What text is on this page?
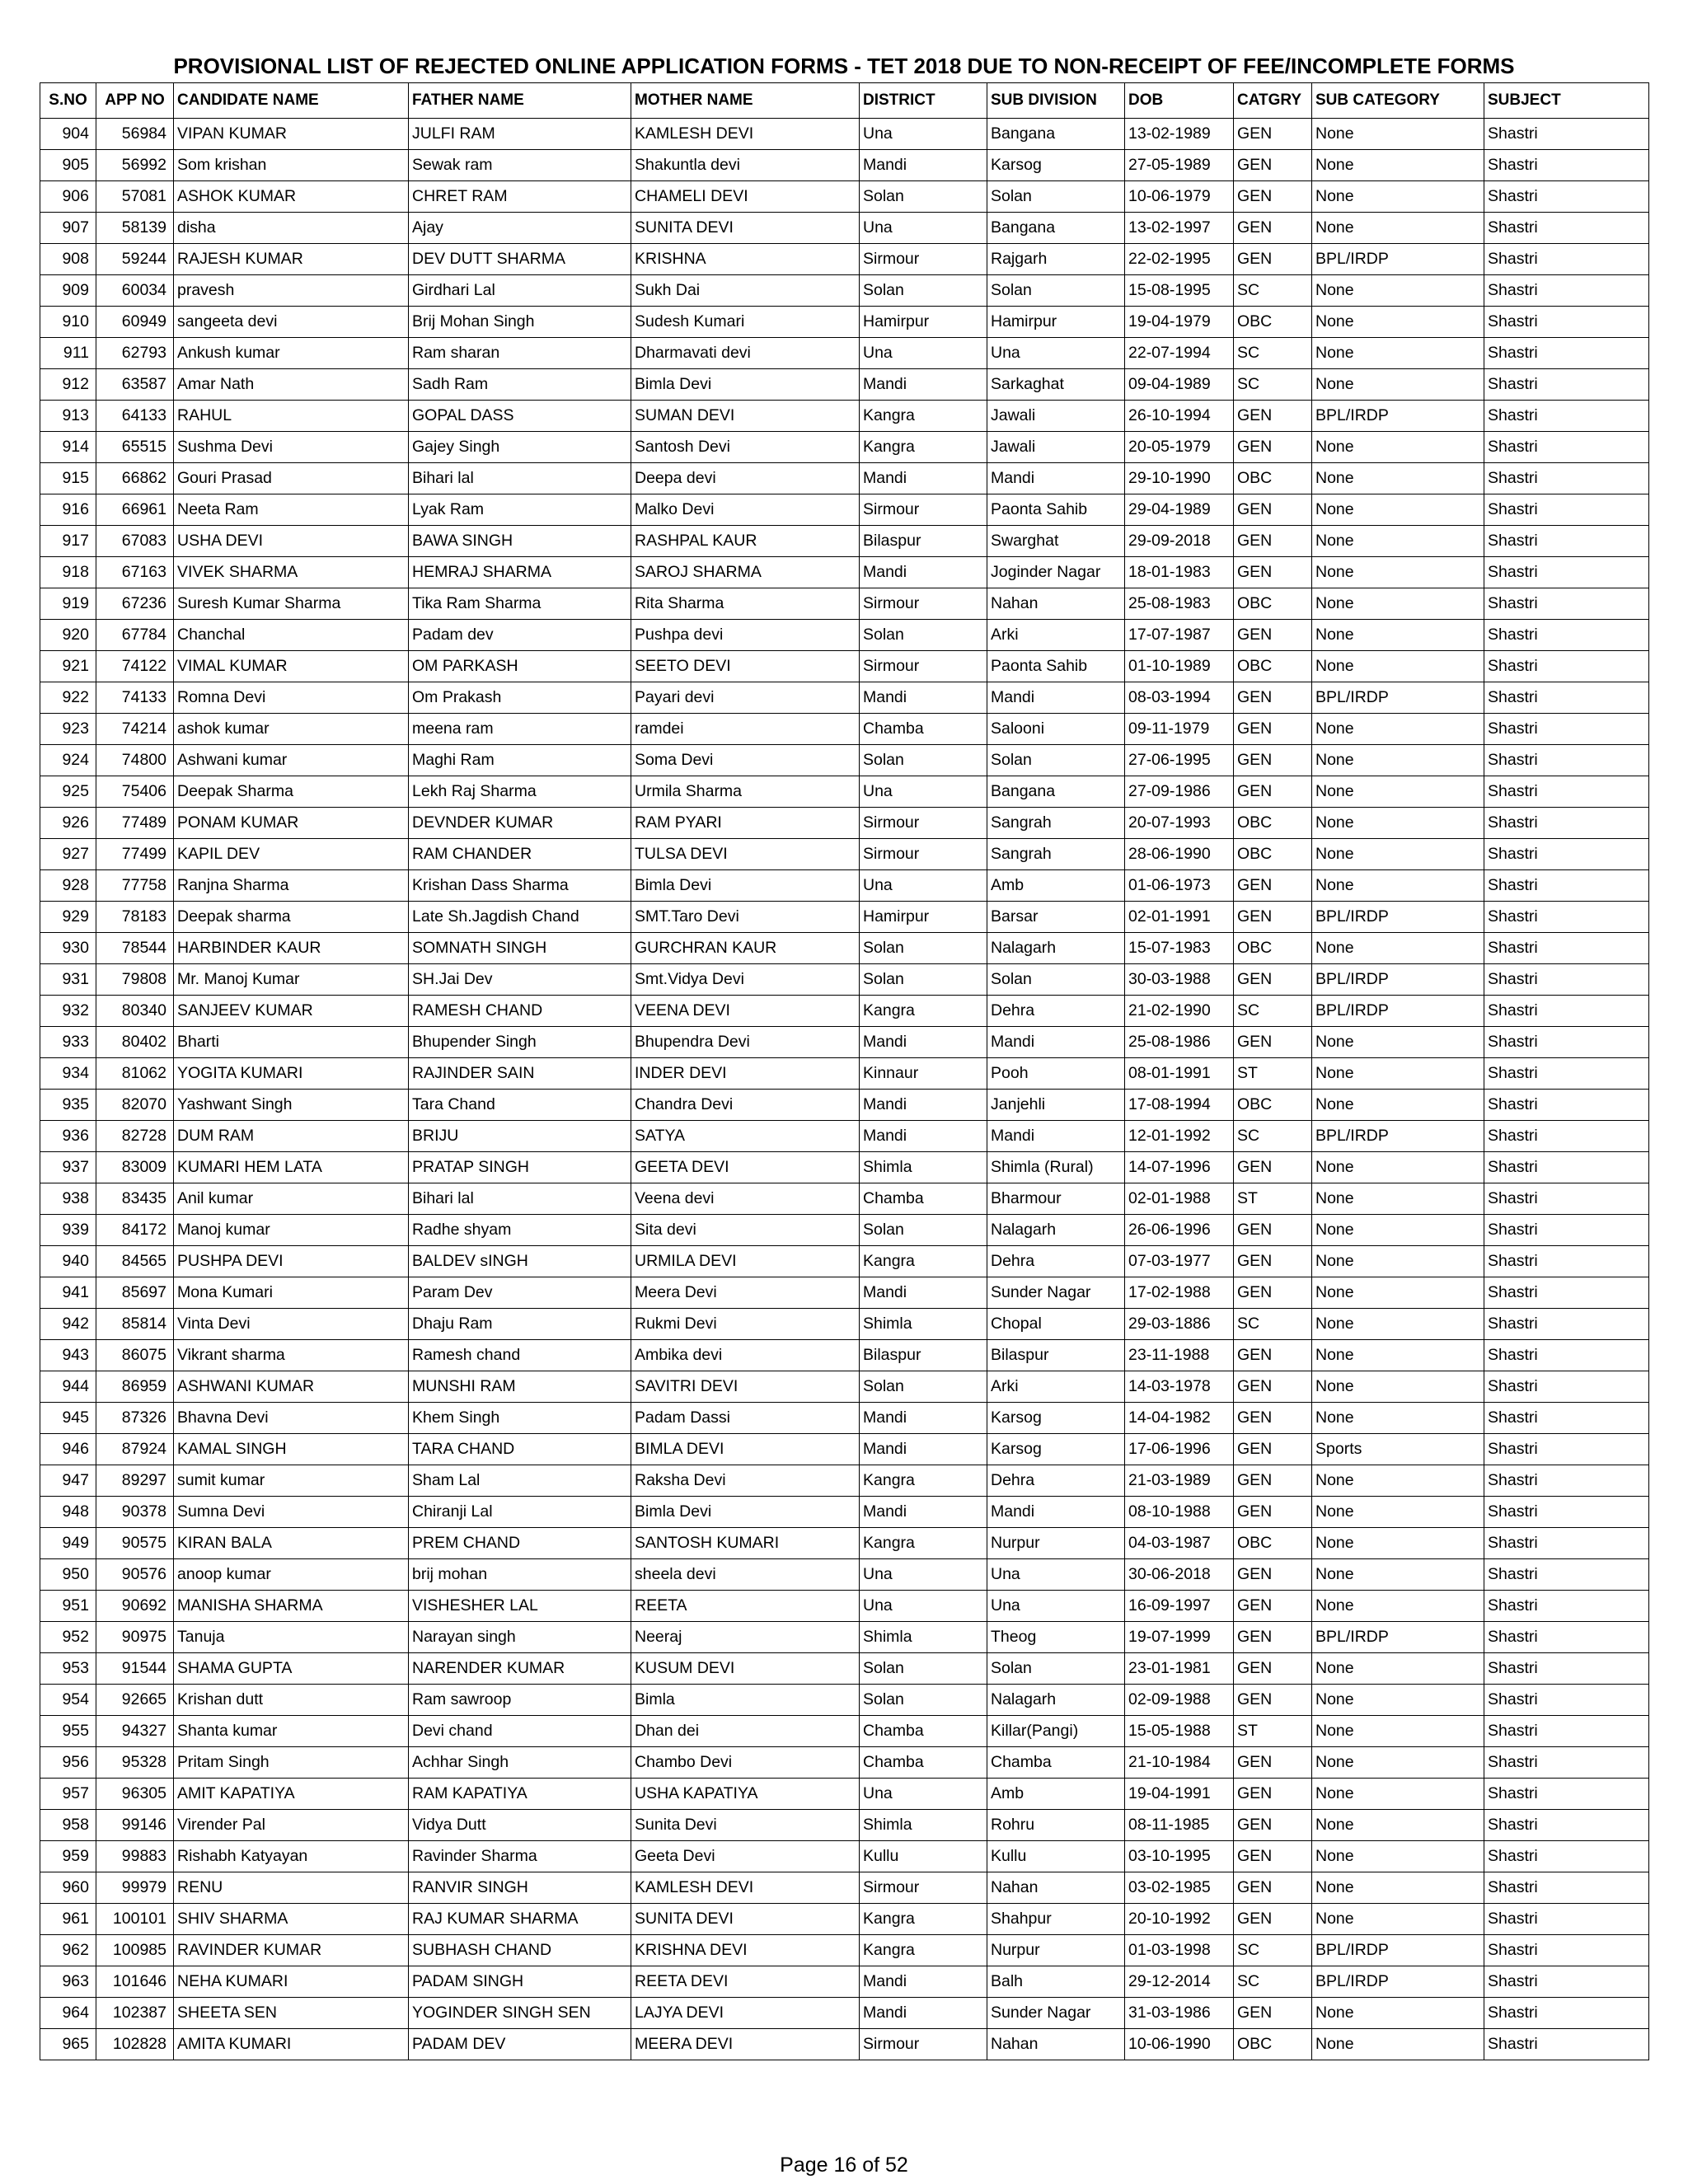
PROVISIONAL LIST OF REJECTED ONLINE APPLICATION FORMS - TET 2018 DUE TO NON-RECEIPT OF FEE/INCOMPLETE FORMS
S.NO	APP NO	CANDIDATE NAME	FATHER NAME	MOTHER NAME	DISTRICT	SUB DIVISION	DOB	CATGRY	SUB CATEGORY	SUBJECT
904	56984	VIPAN KUMAR	JULFI RAM	KAMLESH DEVI	Una	Bangana	13-02-1989	GEN	None	Shastri
905	56992	Som krishan	Sewak ram	Shakuntla devi	Mandi	Karsog	27-05-1989	GEN	None	Shastri
906	57081	ASHOK KUMAR	CHRET RAM	CHAMELI DEVI	Solan	Solan	10-06-1979	GEN	None	Shastri
907	58139	disha	Ajay	SUNITA DEVI	Una	Bangana	13-02-1997	GEN	None	Shastri
908	59244	RAJESH KUMAR	DEV DUTT SHARMA	KRISHNA	Sirmour	Rajgarh	22-02-1995	GEN	BPL/IRDP	Shastri
909	60034	pravesh	Girdhari Lal	Sukh Dai	Solan	Solan	15-08-1995	SC	None	Shastri
910	60949	sangeeta devi	Brij Mohan Singh	Sudesh Kumari	Hamirpur	Hamirpur	19-04-1979	OBC	None	Shastri
911	62793	Ankush kumar	Ram sharan	Dharmavati devi	Una	Una	22-07-1994	SC	None	Shastri
912	63587	Amar Nath	Sadh Ram	Bimla Devi	Mandi	Sarkaghat	09-04-1989	SC	None	Shastri
913	64133	RAHUL	GOPAL DASS	SUMAN DEVI	Kangra	Jawali	26-10-1994	GEN	BPL/IRDP	Shastri
914	65515	Sushma Devi	Gajey Singh	Santosh Devi	Kangra	Jawali	20-05-1979	GEN	None	Shastri
915	66862	Gouri Prasad	Bihari lal	Deepa devi	Mandi	Mandi	29-10-1990	OBC	None	Shastri
916	66961	Neeta Ram	Lyak Ram	Malko Devi	Sirmour	Paonta Sahib	29-04-1989	GEN	None	Shastri
917	67083	USHA DEVI	BAWA SINGH	RASHPAL KAUR	Bilaspur	Swarghat	29-09-2018	GEN	None	Shastri
918	67163	VIVEK SHARMA	HEMRAJ SHARMA	SAROJ SHARMA	Mandi	Joginder Nagar	18-01-1983	GEN	None	Shastri
919	67236	Suresh Kumar Sharma	Tika Ram Sharma	Rita Sharma	Sirmour	Nahan	25-08-1983	OBC	None	Shastri
920	67784	Chanchal	Padam dev	Pushpa devi	Solan	Arki	17-07-1987	GEN	None	Shastri
921	74122	VIMAL KUMAR	OM PARKASH	SEETO DEVI	Sirmour	Paonta Sahib	01-10-1989	OBC	None	Shastri
922	74133	Romna Devi	Om Prakash	Payari devi	Mandi	Mandi	08-03-1994	GEN	BPL/IRDP	Shastri
923	74214	ashok kumar	meena ram	ramdei	Chamba	Salooni	09-11-1979	GEN	None	Shastri
924	74800	Ashwani kumar	Maghi Ram	Soma Devi	Solan	Solan	27-06-1995	GEN	None	Shastri
925	75406	Deepak Sharma	Lekh Raj Sharma	Urmila Sharma	Una	Bangana	27-09-1986	GEN	None	Shastri
926	77489	PONAM KUMAR	DEVNDER KUMAR	RAM PYARI	Sirmour	Sangrah	20-07-1993	OBC	None	Shastri
927	77499	KAPIL DEV	RAM CHANDER	TULSA DEVI	Sirmour	Sangrah	28-06-1990	OBC	None	Shastri
928	77758	Ranjna Sharma	Krishan Dass Sharma	Bimla Devi	Una	Amb	01-06-1973	GEN	None	Shastri
929	78183	Deepak sharma	Late Sh.Jagdish Chand	SMT.Taro Devi	Hamirpur	Barsar	02-01-1991	GEN	BPL/IRDP	Shastri
930	78544	HARBINDER KAUR	SOMNATH SINGH	GURCHRAN KAUR	Solan	Nalagarh	15-07-1983	OBC	None	Shastri
931	79808	Mr. Manoj Kumar	SH.Jai Dev	Smt.Vidya Devi	Solan	Solan	30-03-1988	GEN	BPL/IRDP	Shastri
932	80340	SANJEEV KUMAR	RAMESH CHAND	VEENA DEVI	Kangra	Dehra	21-02-1990	SC	BPL/IRDP	Shastri
933	80402	Bharti	Bhupender Singh	Bhupendra Devi	Mandi	Mandi	25-08-1986	GEN	None	Shastri
934	81062	YOGITA KUMARI	RAJINDER SAIN	INDER DEVI	Kinnaur	Pooh	08-01-1991	ST	None	Shastri
935	82070	Yashwant Singh	Tara Chand	Chandra Devi	Mandi	Janjehli	17-08-1994	OBC	None	Shastri
936	82728	DUM RAM	BRIJU	SATYA	Mandi	Mandi	12-01-1992	SC	BPL/IRDP	Shastri
937	83009	KUMARI HEM LATA	PRATAP SINGH	GEETA DEVI	Shimla	Shimla (Rural)	14-07-1996	GEN	None	Shastri
938	83435	Anil kumar	Bihari lal	Veena devi	Chamba	Bharmour	02-01-1988	ST	None	Shastri
939	84172	Manoj kumar	Radhe shyam	Sita devi	Solan	Nalagarh	26-06-1996	GEN	None	Shastri
940	84565	PUSHPA DEVI	BALDEV sINGH	URMILA DEVI	Kangra	Dehra	07-03-1977	GEN	None	Shastri
941	85697	Mona Kumari	Param Dev	Meera Devi	Mandi	Sunder Nagar	17-02-1988	GEN	None	Shastri
942	85814	Vinta Devi	Dhaju Ram	Rukmi Devi	Shimla	Chopal	29-03-1886	SC	None	Shastri
943	86075	Vikrant sharma	Ramesh chand	Ambika devi	Bilaspur	Bilaspur	23-11-1988	GEN	None	Shastri
944	86959	ASHWANI KUMAR	MUNSHI RAM	SAVITRI DEVI	Solan	Arki	14-03-1978	GEN	None	Shastri
945	87326	Bhavna Devi	Khem Singh	Padam Dassi	Mandi	Karsog	14-04-1982	GEN	None	Shastri
946	87924	KAMAL SINGH	TARA CHAND	BIMLA DEVI	Mandi	Karsog	17-06-1996	GEN	Sports	Shastri
947	89297	sumit kumar	Sham Lal	Raksha Devi	Kangra	Dehra	21-03-1989	GEN	None	Shastri
948	90378	Sumna Devi	Chiranji Lal	Bimla Devi	Mandi	Mandi	08-10-1988	GEN	None	Shastri
949	90575	KIRAN BALA	PREM CHAND	SANTOSH KUMARI	Kangra	Nurpur	04-03-1987	OBC	None	Shastri
950	90576	anoop kumar	brij mohan	sheela devi	Una	Una	30-06-2018	GEN	None	Shastri
951	90692	MANISHA SHARMA	VISHESHER LAL	REETA	Una	Una	16-09-1997	GEN	None	Shastri
952	90975	Tanuja	Narayan singh	Neeraj	Shimla	Theog	19-07-1999	GEN	BPL/IRDP	Shastri
953	91544	SHAMA GUPTA	NARENDER KUMAR	KUSUM DEVI	Solan	Solan	23-01-1981	GEN	None	Shastri
954	92665	Krishan dutt	Ram sawroop	Bimla	Solan	Nalagarh	02-09-1988	GEN	None	Shastri
955	94327	Shanta kumar	Devi chand	Dhan dei	Chamba	Killar(Pangi)	15-05-1988	ST	None	Shastri
956	95328	Pritam Singh	Achhar Singh	Chambo Devi	Chamba	Chamba	21-10-1984	GEN	None	Shastri
957	96305	AMIT KAPATIYA	RAM KAPATIYA	USHA KAPATIYA	Una	Amb	19-04-1991	GEN	None	Shastri
958	99146	Virender Pal	Vidya Dutt	Sunita Devi	Shimla	Rohru	08-11-1985	GEN	None	Shastri
959	99883	Rishabh Katyayan	Ravinder Sharma	Geeta Devi	Kullu	Kullu	03-10-1995	GEN	None	Shastri
960	99979	RENU	RANVIR SINGH	KAMLESH DEVI	Sirmour	Nahan	03-02-1985	GEN	None	Shastri
961	100101	SHIV SHARMA	RAJ KUMAR SHARMA	SUNITA DEVI	Kangra	Shahpur	20-10-1992	GEN	None	Shastri
962	100985	RAVINDER KUMAR	SUBHASH CHAND	KRISHNA DEVI	Kangra	Nurpur	01-03-1998	SC	BPL/IRDP	Shastri
963	101646	NEHA KUMARI	PADAM SINGH	REETA DEVI	Mandi	Balh	29-12-2014	SC	BPL/IRDP	Shastri
964	102387	SHEETA SEN	YOGINDER SINGH SEN	LAJYA DEVI	Mandi	Sunder Nagar	31-03-1986	GEN	None	Shastri
965	102828	AMITA KUMARI	PADAM DEV	MEERA DEVI	Sirmour	Nahan	10-06-1990	OBC	None	Shastri
Page 16 of 52
